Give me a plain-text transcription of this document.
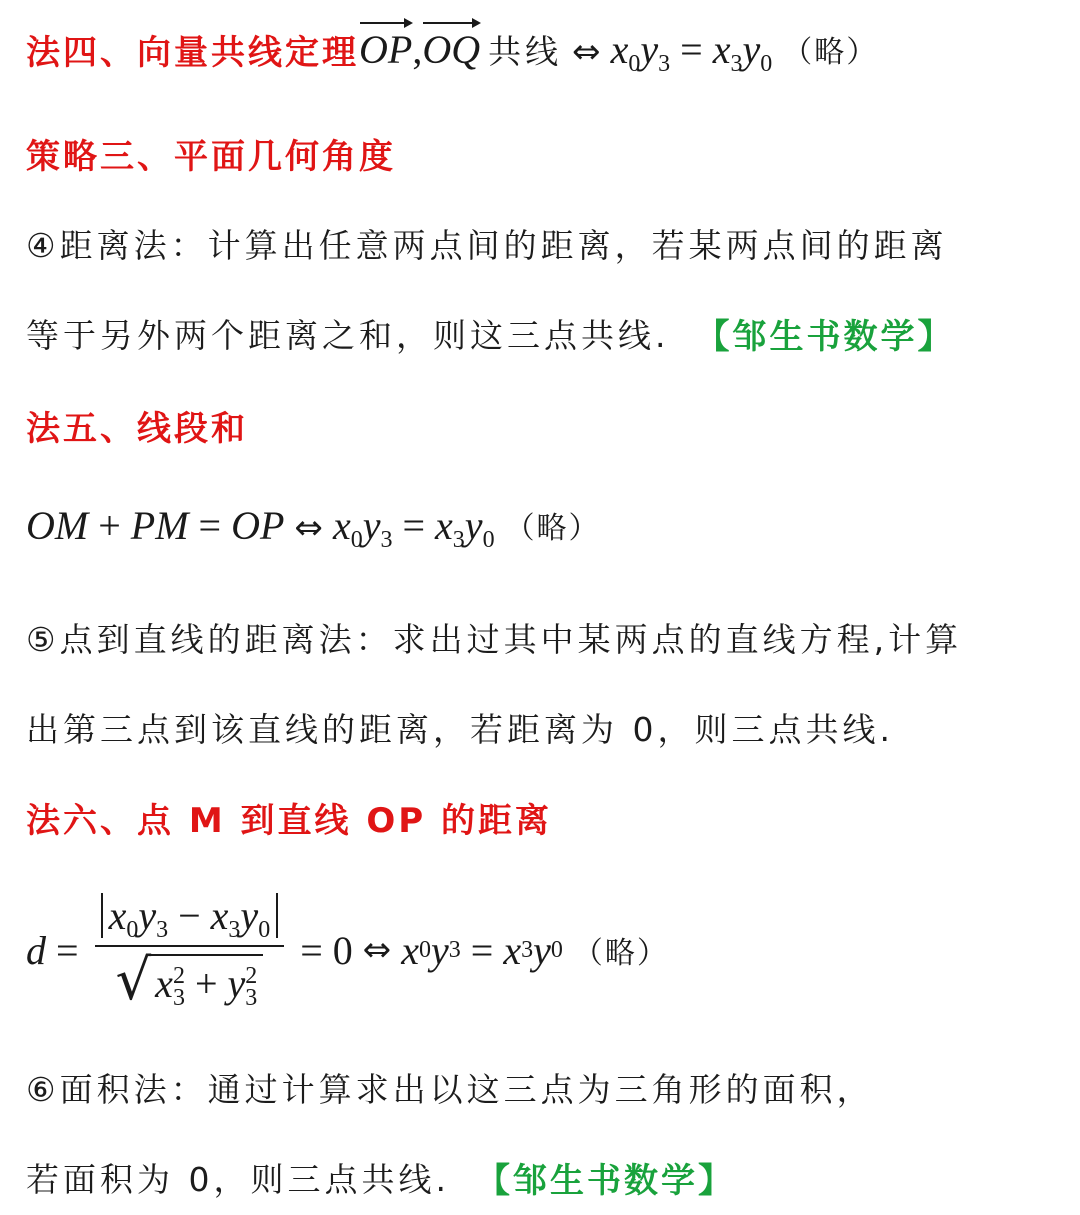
法四、向量共线定理 OP,OQ 共线 ⇔ $x_0y_3 = x_3y_0$ （略）
策略三、平面几何角度
④距离法：计算出任意两点间的距离，若某两点间的距离
等于另外两个距离之和，则这三点共线. 【邹生书数学】
法五、线段和
OM + PM = OP ⇔ $x_0y_3 = x_3y_0$ （略）
⑤点到直线的距离法：求出过其中某两点的直线方程,计算
出第三点到该直线的距离，若距离为 0，则三点共线.
法六、点 M 到直线 OP 的距离
$d = \frac{x_0y_3 - x_3y_0}{√ x^2_3 + y^2_3} = 0$ ⇔ x 0 y 3 = x 3 y 0 （略）
⑥面积法：通过计算求出以这三点为三角形的面积，
若面积为 0，则三点共线. 【邹生书数学】
